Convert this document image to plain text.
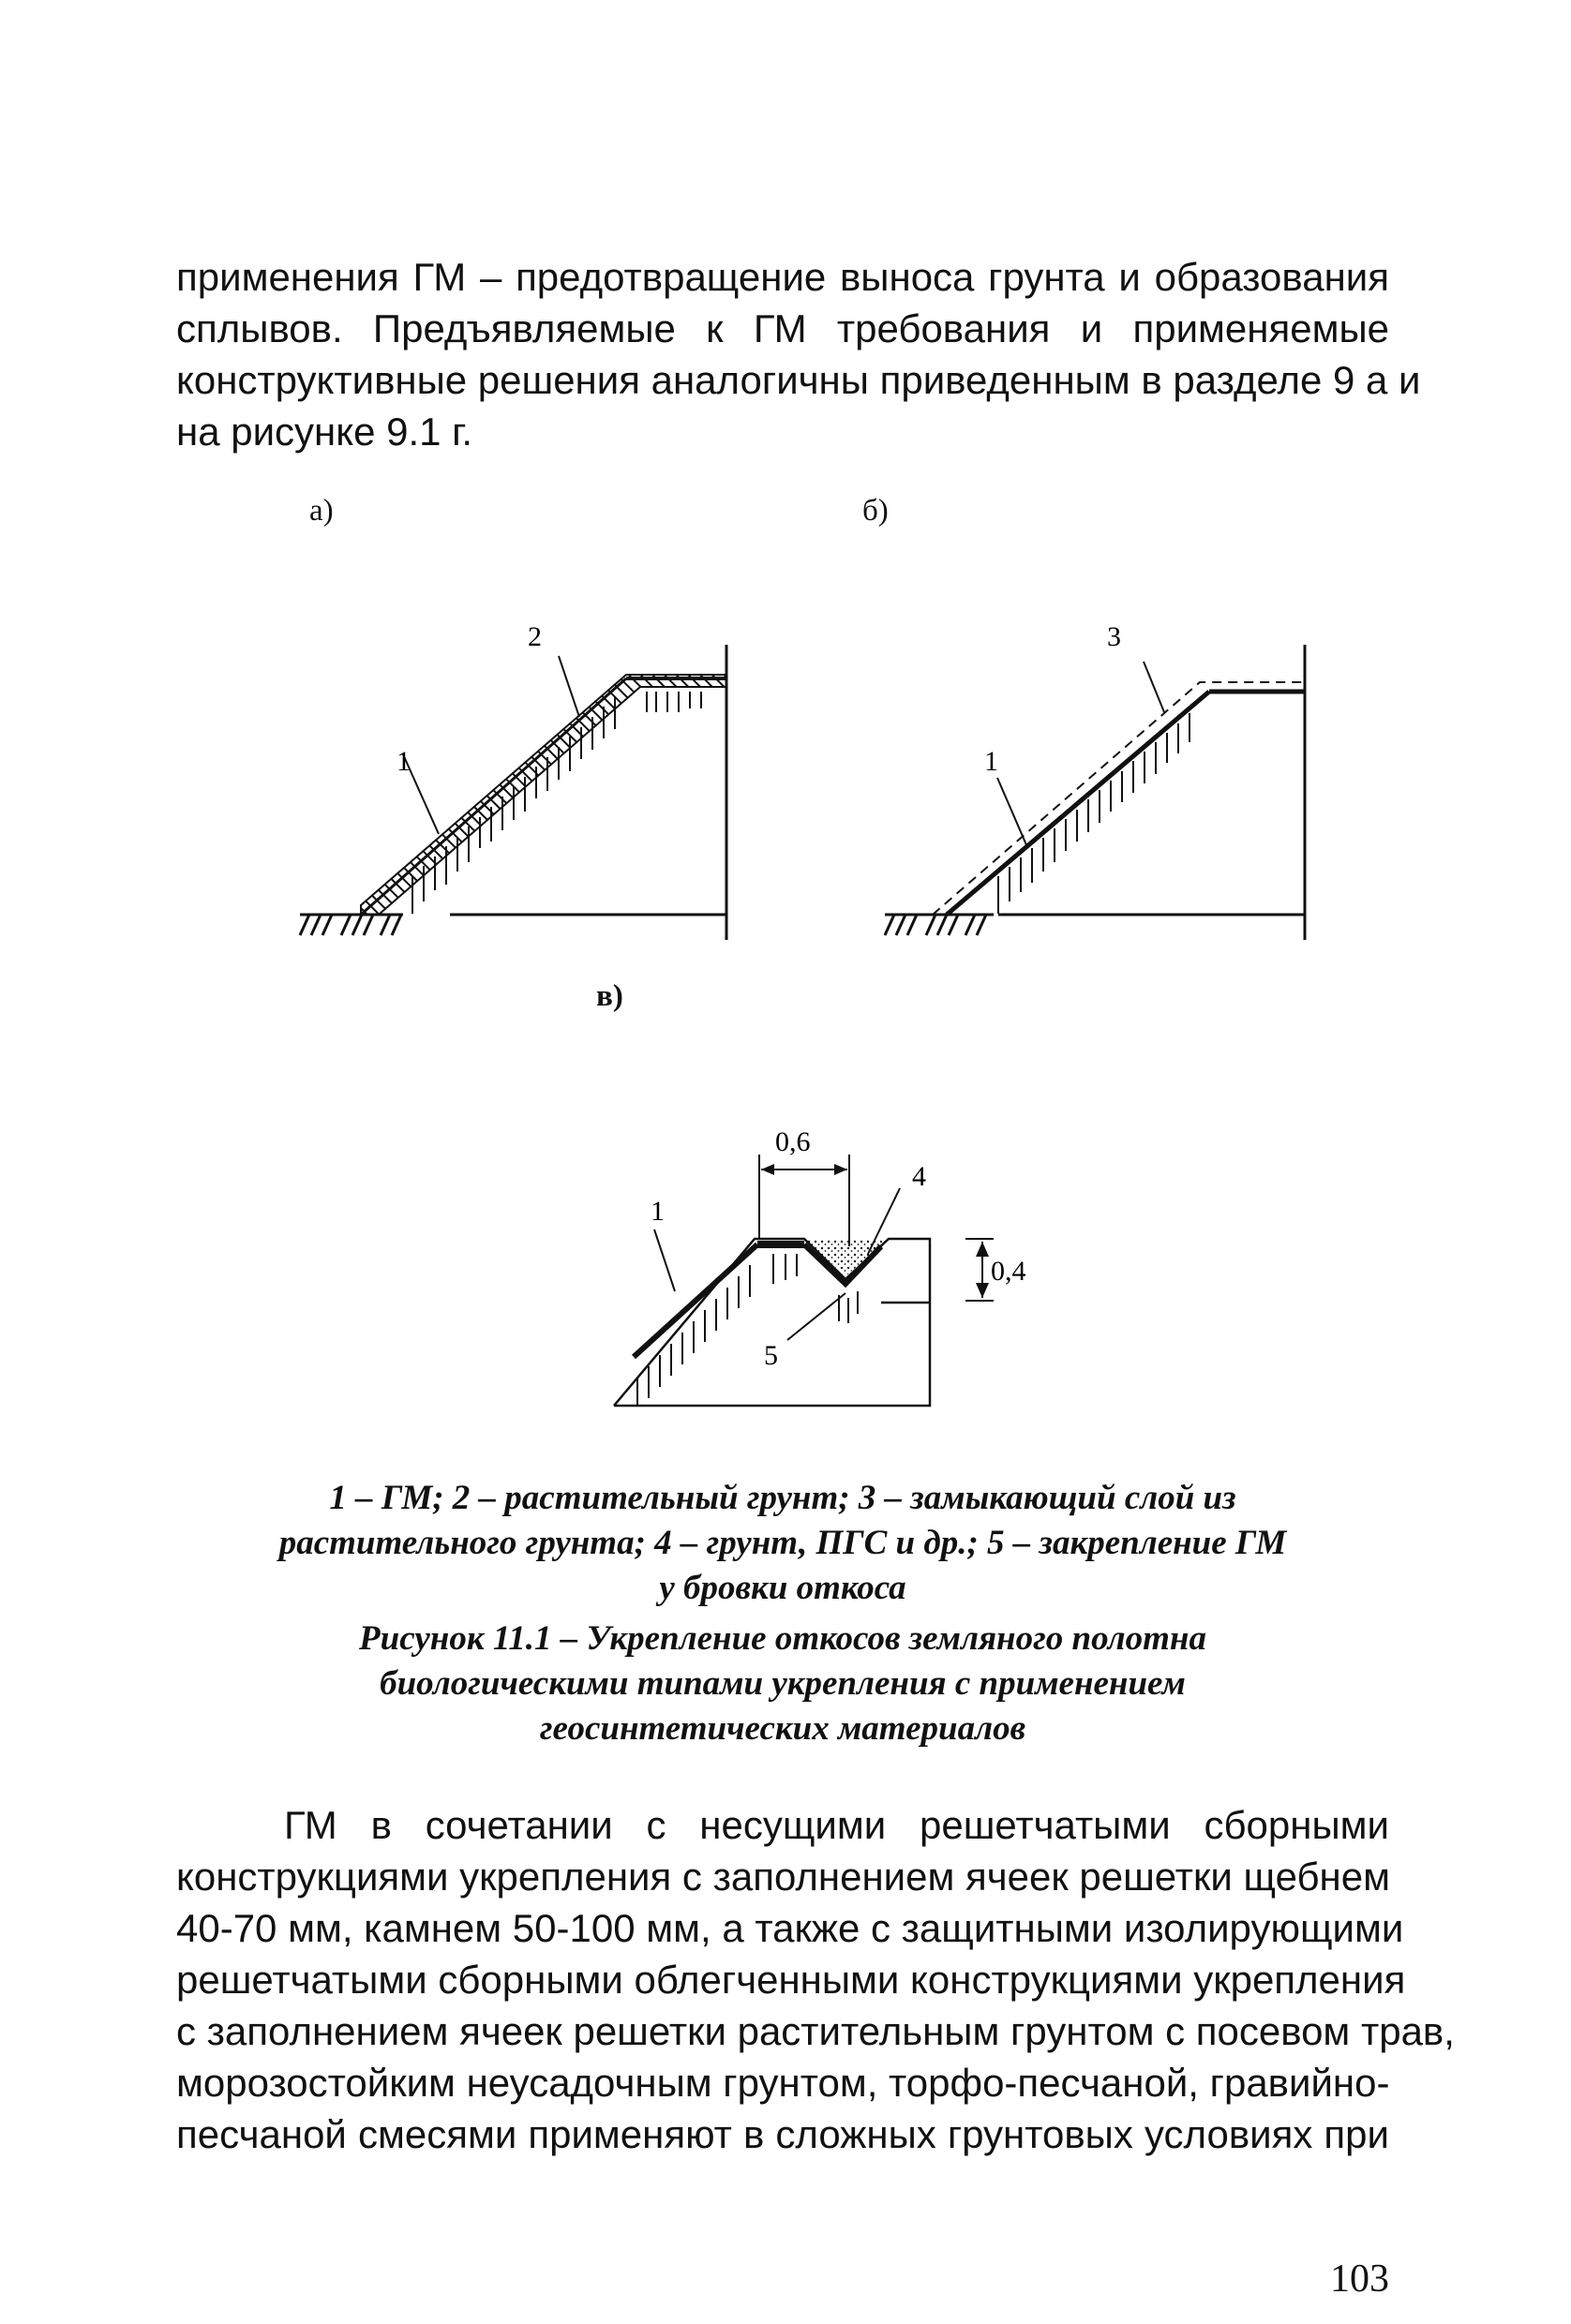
применения ГМ – предотвращение выноса грунта и образования
сплывов. Предъявляемые к ГМ требования и применяемые
конструктивные решения аналогичны приведенным в разделе 9 а и
на рисунке 9.1 г.
а)	б)
в)
1
2
1
3
1
4
5
0,6
0,4
1 – ГМ; 2 – растительный грунт; 3 – замыкающий слой из
растительного грунта; 4 – грунт, ПГС и др.; 5 – закрепление ГМ
у бровки откоса
Рисунок 11.1 – Укрепление откосов земляного полотна
биологическими типами укрепления с применением
геосинтетических материалов
ГМ в сочетании с несущими решетчатыми сборными
конструкциями укрепления с заполнением ячеек решетки щебнем
40-70 мм, камнем 50-100 мм, а также с защитными изолирующими
решетчатыми сборными облегченными конструкциями укрепления
с заполнением ячеек решетки растительным грунтом с посевом трав,
морозостойким неусадочным грунтом, торфо-песчаной, гравийно-
песчаной смесями применяют в сложных грунтовых условиях при
103
